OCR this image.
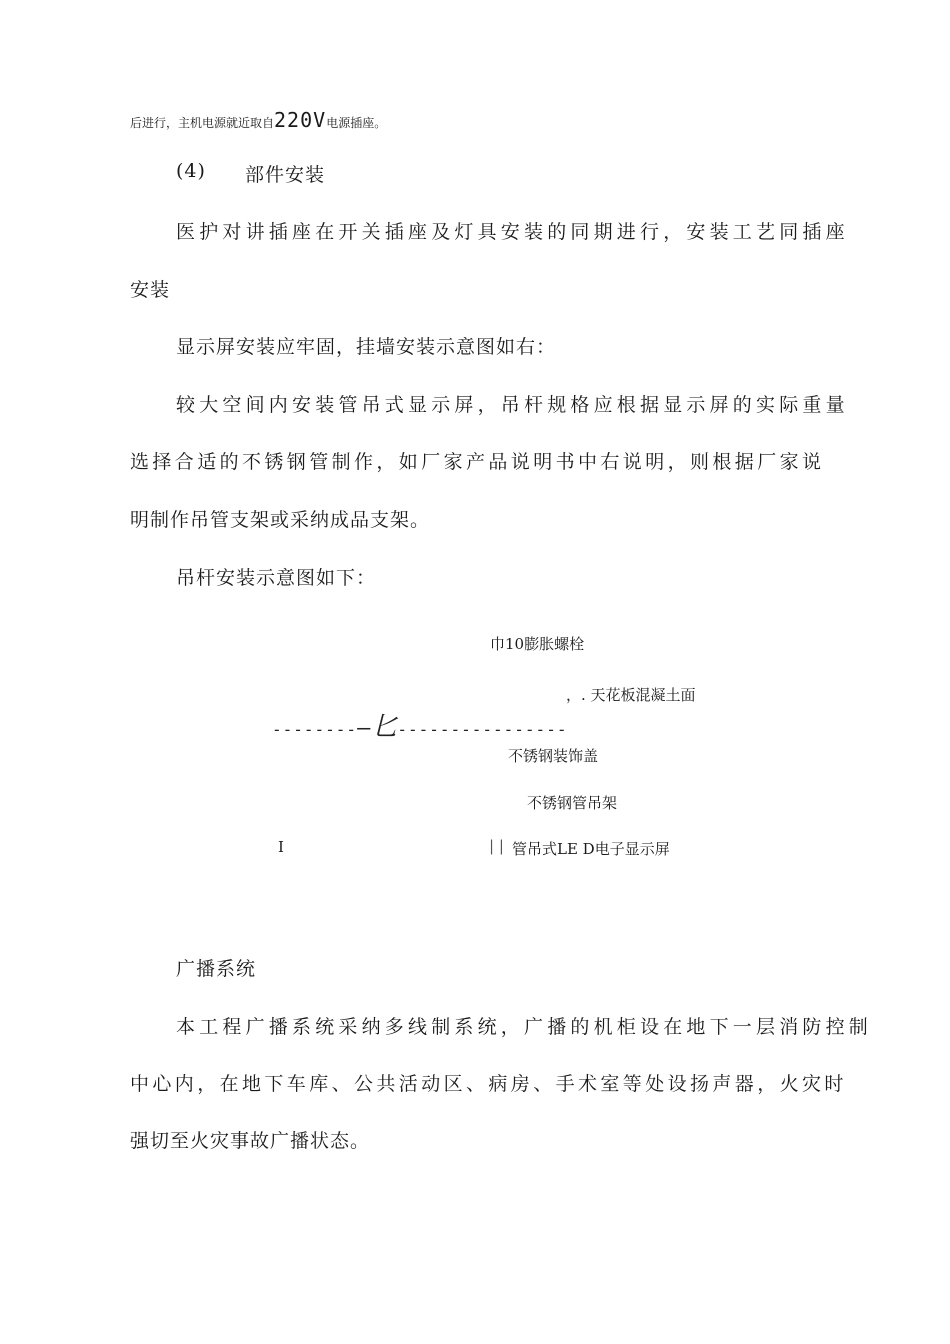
后进行，主机电源就近取自220V电源插座。
(4) 部件安装
医护对讲插座在开关插座及灯具安装的同期进行，安装工艺同插座
安装
显示屏安装应牢固，挂墙安装示意图如右：
较大空间内安装管吊式显示屏，吊杆规格应根据显示屏的实际重量
选择合适的不锈钢管制作，如厂家产品说明书中右说明，则根据厂家说
明制作吊管支架或采纳成品支架。
吊杆安装示意图如下：
巾10膨胀螺栓
，. 天花板混凝土面
--------—匕----------------
不锈钢装饰盖
不锈钢管吊架
I	| | 管吊式LE D电子显示屏
广播系统
本工程广播系统采纳多线制系统，广播的机柜设在地下一层消防控制
中心内，在地下车库、公共活动区、病房、手术室等处设扬声器，火灾时
强切至火灾事故广播状态。
